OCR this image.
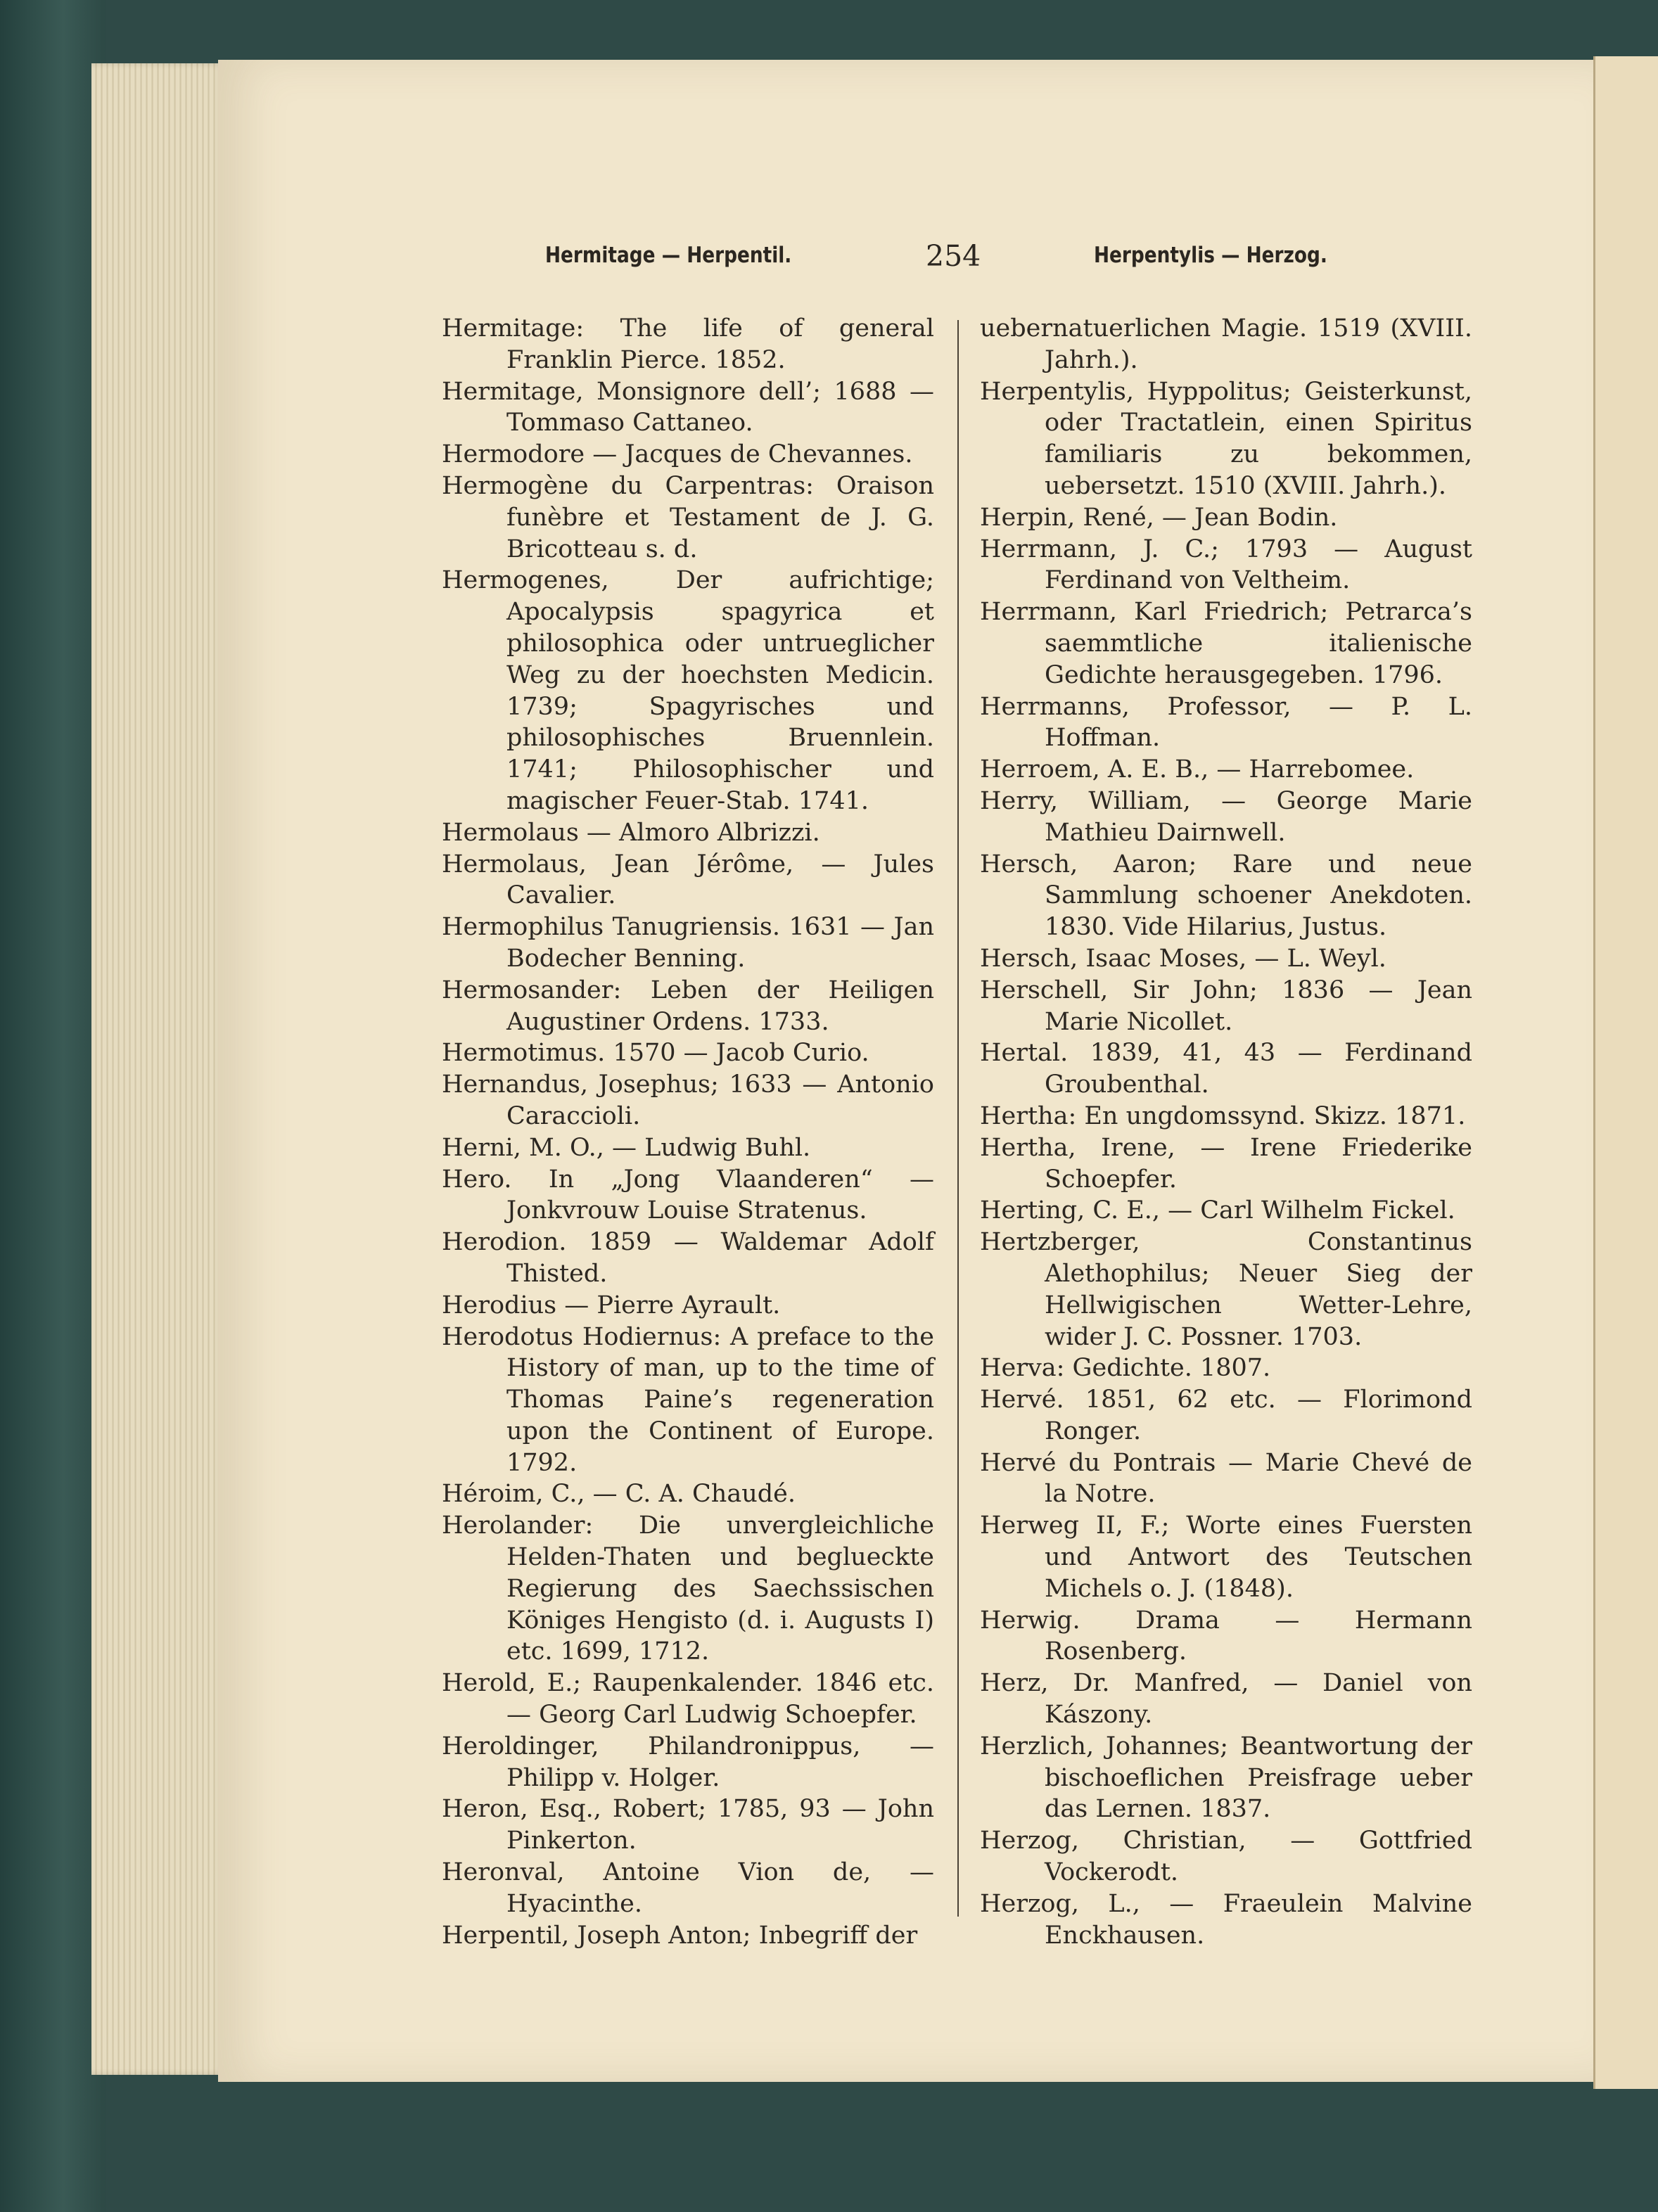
Hermitage — Herpentil.	254	Herpentylis — Herzog.

Hermitage: The life of general Franklin Pierce. 1852.

Hermitage, Monsignore dell’; 1688 — Tommaso Cattaneo.

Hermodore — Jacques de Chevannes.

Hermogène du Carpentras: Oraison funèbre et Testament de J. G. Bricotteau s. d.

Hermogenes, Der aufrichtige; Apocalypsis spagyrica et philosophica oder untrueglicher Weg zu der hoechsten Medicin. 1739; Spagyrisches und philosophisches Bruennlein. 1741; Philosophischer und magischer Feuer-Stab. 1741.

Hermolaus — Almoro Albrizzi.

Hermolaus, Jean Jérôme, — Jules Cavalier.

Hermophilus Tanugriensis. 1631 — Jan Bodecher Benning.

Hermosander: Leben der Heiligen Augustiner Ordens. 1733.

Hermotimus. 1570 — Jacob Curio.

Hernandus, Josephus; 1633 — Antonio Caraccioli.

Herni, M. O., — Ludwig Buhl.

Hero. In „Jong Vlaanderen“ — Jonkvrouw Louise Stratenus.

Herodion. 1859 — Waldemar Adolf Thisted.

Herodius — Pierre Ayrault.

Herodotus Hodiernus: A preface to the History of man, up to the time of Thomas Paine’s regeneration upon the Continent of Europe. 1792.

Héroim, C., — C. A. Chaudé.

Herolander: Die unvergleichliche Helden-Thaten und beglueckte Regierung des Saechssischen Königes Hengisto (d. i. Augusts I) etc. 1699, 1712.

Herold, E.; Raupenkalender. 1846 etc. — Georg Carl Ludwig Schoepfer.

Heroldinger, Philandronippus, — Philipp v. Holger.

Heron, Esq., Robert; 1785, 93 — John Pinkerton.

Heronval, Antoine Vion de, — Hyacinthe.

Herpentil, Joseph Anton; Inbegriff der

uebernatuerlichen Magie. 1519 (XVIII. Jahrh.).

Herpentylis, Hyppolitus; Geisterkunst, oder Tractatlein, einen Spiritus familiaris zu bekommen, uebersetzt. 1510 (XVIII. Jahrh.).

Herpin, René, — Jean Bodin.

Herrmann, J. C.; 1793 — August Ferdinand von Veltheim.

Herrmann, Karl Friedrich; Petrarca’s saemmtliche italienische Gedichte herausgegeben. 1796.

Herrmanns, Professor, — P. L. Hoffman.

Herroem, A. E. B., — Harrebomee.

Herry, William, — George Marie Mathieu Dairnwell.

Hersch, Aaron; Rare und neue Sammlung schoener Anekdoten. 1830. Vide Hilarius, Justus.

Hersch, Isaac Moses, — L. Weyl.

Herschell, Sir John; 1836 — Jean Marie Nicollet.

Hertal. 1839, 41, 43 — Ferdinand Groubenthal.

Hertha: En ungdomssynd. Skizz. 1871.

Hertha, Irene, — Irene Friederike Schoepfer.

Herting, C. E., — Carl Wilhelm Fickel.

Hertzberger, Constantinus Alethophilus; Neuer Sieg der Hellwigischen Wetter-Lehre, wider J. C. Possner. 1703.

Herva: Gedichte. 1807.

Hervé. 1851, 62 etc. — Florimond Ronger.

Hervé du Pontrais — Marie Chevé de la Notre.

Herweg II, F.; Worte eines Fuersten und Antwort des Teutschen Michels o. J. (1848).

Herwig. Drama — Hermann Rosenberg.

Herz, Dr. Manfred, — Daniel von Kászony.

Herzlich, Johannes; Beantwortung der bischoeflichen Preisfrage ueber das Lernen. 1837.

Herzog, Christian, — Gottfried Vockerodt.

Herzog, L., — Fraeulein Malvine Enckhausen.
